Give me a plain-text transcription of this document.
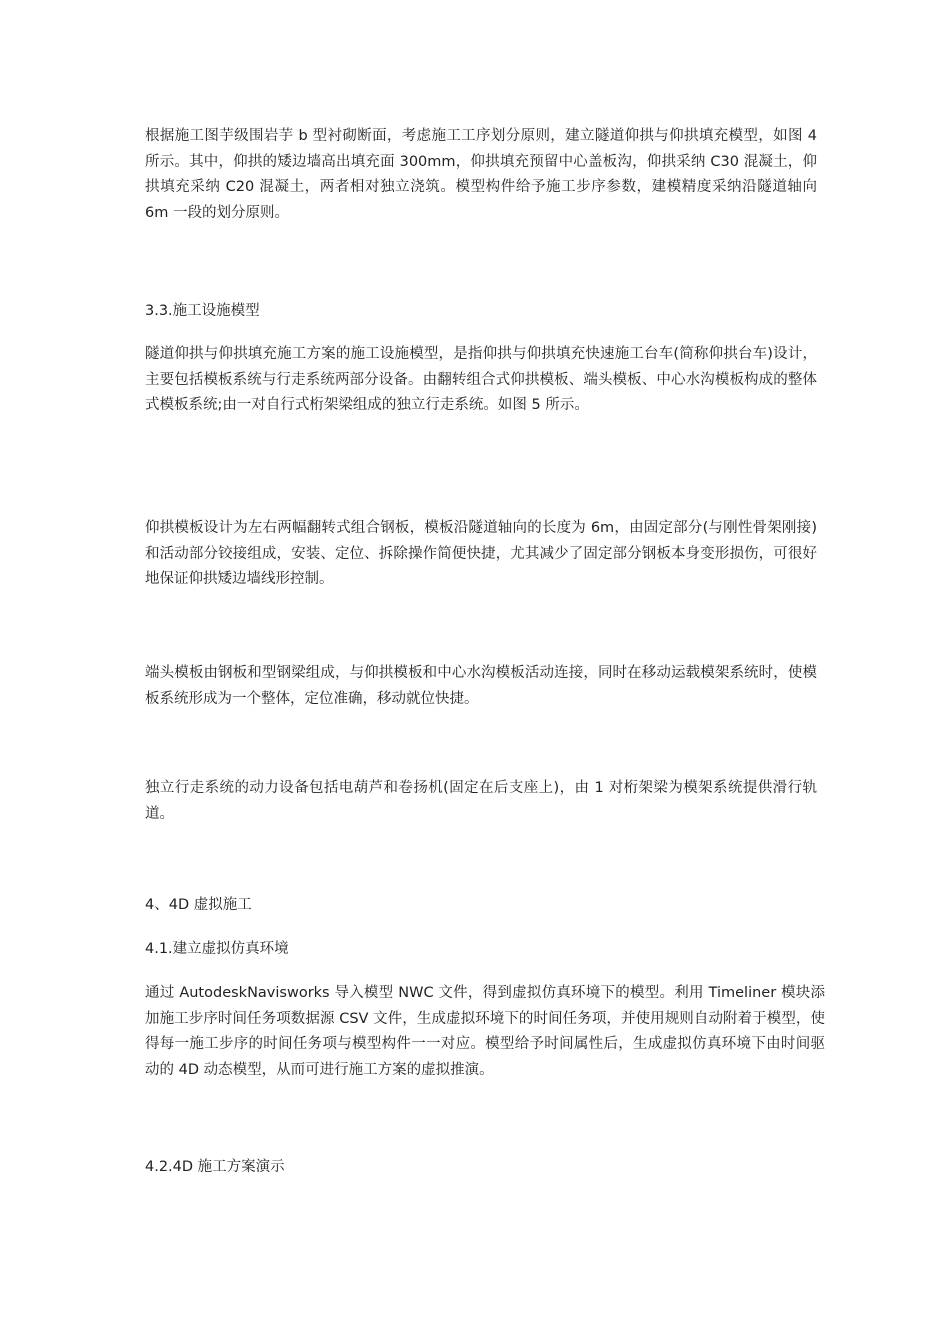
根据施工图芋级围岩芋 b 型衬砌断面，考虑施工工序划分原则，建立隧道仰拱与仰拱填充模型，如图 4 所示。其中，仰拱的矮边墙高出填充面 300mm，仰拱填充预留中心盖板沟，仰拱采纳 C30 混凝土，仰拱填充采纳 C20 混凝土，两者相对独立浇筑。模型构件给予施工步序参数，建模精度采纳沿隧道轴向 6m 一段的划分原则。

3.3.施工设施模型

隧道仰拱与仰拱填充施工方案的施工设施模型，是指仰拱与仰拱填充快速施工台车(简称仰拱台车)设计，主要包括模板系统与行走系统两部分设备。由翻转组合式仰拱模板、端头模板、中心水沟模板构成的整体式模板系统;由一对自行式桁架梁组成的独立行走系统。如图 5 所示。

仰拱模板设计为左右两幅翻转式组合钢板，模板沿隧道轴向的长度为 6m，由固定部分(与刚性骨架刚接)和活动部分铰接组成，安装、定位、拆除操作简便快捷，尤其减少了固定部分钢板本身变形损伤，可很好地保证仰拱矮边墙线形控制。

端头模板由钢板和型钢梁组成，与仰拱模板和中心水沟模板活动连接，同时在移动运载模架系统时，使模板系统形成为一个整体，定位准确，移动就位快捷。

独立行走系统的动力设备包括电葫芦和卷扬机(固定在后支座上)，由 1 对桁架梁为模架系统提供滑行轨道。

4、4D 虚拟施工

4.1.建立虚拟仿真环境

通过 AutodeskNavisworks 导入模型 NWC 文件，得到虚拟仿真环境下的模型。利用 Timeliner 模块添加施工步序时间任务项数据源 CSV 文件，生成虚拟环境下的时间任务项，并使用规则自动附着于模型，使得每一施工步序的时间任务项与模型构件一一对应。模型给予时间属性后，生成虚拟仿真环境下由时间驱动的 4D 动态模型，从而可进行施工方案的虚拟推演。

4.2.4D 施工方案演示
